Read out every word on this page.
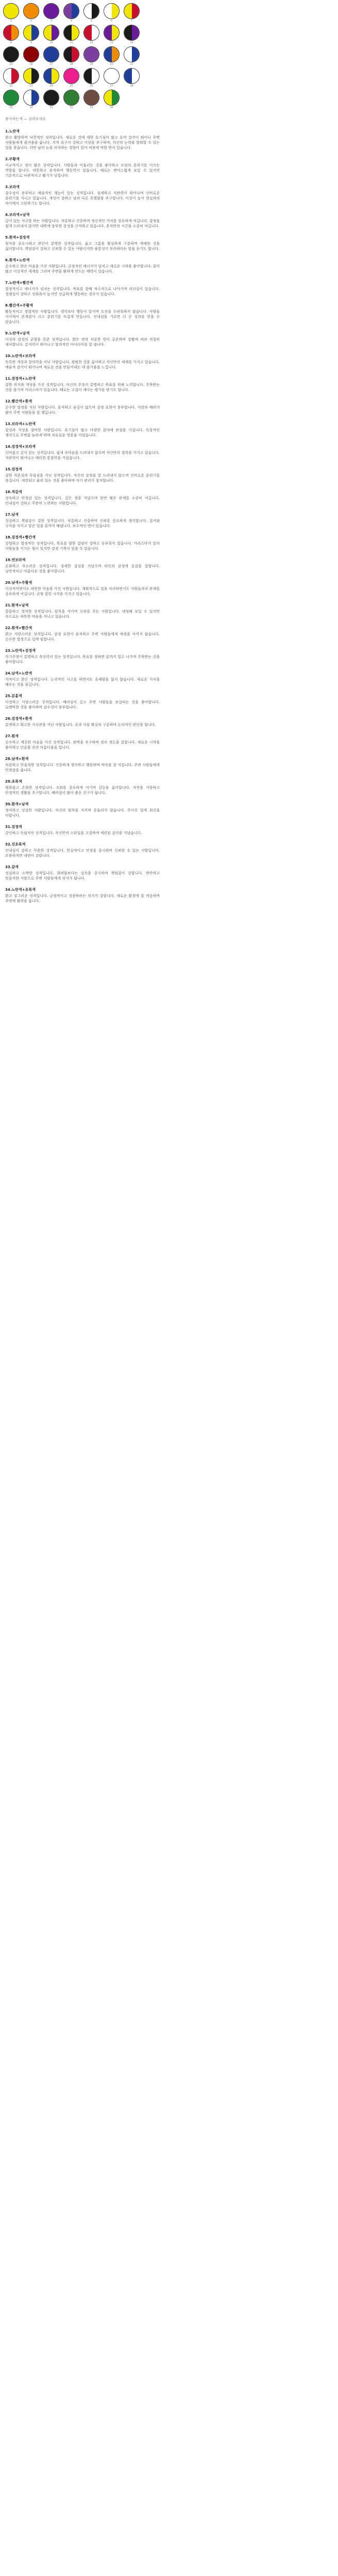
1	2	3	4	5	6	7
8	9	10	11	12	13	14
15	16	17	18	19	20	21
22	23	24	25	26	27	28
29	30	31	32	33	34
좋아하는색 — 골라보세요
1.노란색
밝고 활발하며 낙천적인 성격입니다. 새로운 것에 대한 호기심이 많고 유머 감각이 뛰어나 주변 사람들에게 즐거움을 줍니다. 지적 욕구가 강하고 이상을 추구하며, 자신의 능력을 발휘할 수 있는 일을 찾습니다. 다만 남의 눈을 의식하는 경향이 있어 비판에 약한 면이 있습니다.
2.주황색
사교적이고 정이 많은 성격입니다. 사람들과 어울리는 것을 좋아하고 모임의 분위기를 이끄는 역할을 합니다. 따뜻하고 솔직하며 행동력이 있습니다. 때로는 변덕스럽게 보일 수 있지만 기본적으로 낙관적이고 활기가 넘칩니다.
3.보라색
감수성이 풍부하고 예술적인 재능이 있는 성격입니다. 섬세하고 직관력이 뛰어나며 신비로운 분위기를 지니고 있습니다. 개성이 강하고 남과 다른 특별함을 추구합니다. 이상이 높아 현실과의 차이에서 고민하기도 합니다.
4.보라색+남색
깊이 있는 사고를 하는 사람입니다. 차분하고 신중하며 정신적인 가치를 중요하게 여깁니다. 감정을 쉽게 드러내지 않지만 내면에 풍부한 감성을 간직하고 있습니다. 혼자만의 시간을 소중히 여깁니다.
5.흰색+검정색
원칙을 중요시하고 판단이 분명한 성격입니다. 옳고 그름을 확실하게 구분하며 애매한 것을 싫어합니다. 책임감이 강하고 신뢰할 수 있는 사람이지만 융통성이 부족하다는 말을 듣기도 합니다.
6.흰색+노란색
순수하고 밝은 마음을 가진 사람입니다. 긍정적인 에너지가 넘치고 새로운 시작을 좋아합니다. 꿈이 많고 이상적인 세계를 그리며 주변을 환하게 만드는 매력이 있습니다.
7.노란색+빨간색
열정적이고 에너지가 넘치는 성격입니다. 목표를 향해 적극적으로 나아가며 리더십이 있습니다. 경쟁심이 강하고 성취욕이 높지만 성급하게 행동하는 경우가 있습니다.
8.빨간색+주황색
활동적이고 정열적인 사람입니다. 생각보다 행동이 앞서며 도전을 두려워하지 않습니다. 사람들 사이에서 존재감이 크고 분위기를 뜨겁게 만듭니다. 인내심을 기르면 더 큰 성과를 얻을 수 있습니다.
9.노란색+남색
이성과 감성의 균형을 갖춘 성격입니다. 밝은 면과 차분한 면이 공존하며 상황에 따라 적절히 대처합니다. 분석력이 뛰어나고 창의적인 아이디어를 잘 냅니다.
10.노란색+보라색
독특한 개성과 창의력을 지닌 사람입니다. 평범한 것을 싫어하고 자신만의 세계를 가지고 있습니다. 예술적 감각이 뛰어나며 새로운 것을 만들어내는 데 즐거움을 느낍니다.
11.검정색+노란색
강한 의지와 개성을 가진 성격입니다. 자신의 주장이 분명하고 목표를 위해 노력합니다. 주목받는 것을 즐기며 카리스마가 있습니다. 때로는 고집이 세다는 평가를 받기도 합니다.
12.빨간색+흰색
순수한 열정을 지닌 사람입니다. 솔직하고 숨김이 없으며 감정 표현이 풍부합니다. 사랑과 배려가 많아 주변 사람들을 잘 챙깁니다.
13.보라색+노란색
감성과 지성을 겸비한 사람입니다. 호기심이 많고 다양한 분야에 관심을 가집니다. 독창적인 생각으로 주변을 놀라게 하며 자유로운 영혼을 지녔습니다.
14.검정색+보라색
신비롭고 깊이 있는 성격입니다. 쉽게 속마음을 드러내지 않으며 자신만의 철학을 가지고 있습니다. 직관력이 뛰어나고 예리한 통찰력을 지녔습니다.
15.검정색
강한 자존심과 독립심을 지닌 성격입니다. 자신의 감정을 잘 드러내지 않으며 신비로운 분위기를 풍깁니다. 세련되고 품위 있는 것을 좋아하며 자기 관리가 철저합니다.
16.적갈색
성숙하고 안정감 있는 성격입니다. 깊은 정을 지녔으며 한번 맺은 관계를 소중히 여깁니다. 인내심이 강하고 꾸준히 노력하는 사람입니다.
17.남색
성실하고 책임감이 강한 성격입니다. 차분하고 신중하며 신뢰를 중요하게 생각합니다. 질서와 규칙을 지키고 맡은 일을 끝까지 해냅니다. 보수적인 면이 있습니다.
18.검정색+빨간색
강렬하고 열정적인 성격입니다. 목표를 향한 집념이 강하고 승부욕이 있습니다. 카리스마가 있어 사람들을 이끄는 힘이 있지만 감정 기복이 있을 수 있습니다.
19.연보라색
온화하고 부드러운 성격입니다. 섬세한 감성을 지녔으며 타인의 감정에 공감을 잘합니다. 낭만적이고 아름다운 것을 좋아합니다.
20.남색+주황색
이성적이면서도 따뜻한 마음을 가진 사람입니다. 계획적으로 일을 처리하면서도 사람들과의 관계를 중요하게 여깁니다. 균형 잡힌 시각을 가지고 있습니다.
21.흰색+남색
깔끔하고 정직한 성격입니다. 원칙을 지키며 신뢰를 주는 사람입니다. 냉정해 보일 수 있지만 속으로는 따뜻한 마음을 지니고 있습니다.
22.흰색+빨간색
밝고 사랑스러운 성격입니다. 감정 표현이 솔직하고 주변 사람들에게 애정을 아끼지 않습니다. 순수한 열정으로 일에 임합니다.
23.노란색+검정색
자기주장이 분명하고 추진력이 있는 성격입니다. 목표를 정하면 끝까지 밀고 나가며 주목받는 것을 좋아합니다.
24.남색+노란색
지적이고 밝은 성격입니다. 논리적인 사고를 하면서도 유쾌함을 잃지 않습니다. 새로운 지식을 배우는 것을 즐깁니다.
25.분홍색
다정하고 사랑스러운 성격입니다. 배려심이 깊고 주변 사람들을 보살피는 것을 좋아합니다. 로맨틱한 것을 좋아하며 감수성이 풍부합니다.
26.검정색+흰색
분명하고 확고한 가치관을 지닌 사람입니다. 공과 사를 확실히 구분하며 논리적인 판단을 합니다.
27.흰색
순수하고 깨끗한 마음을 가진 성격입니다. 완벽을 추구하며 정리 정돈을 잘합니다. 새로운 시작을 좋아하고 단순함 속의 아름다움을 압니다.
28.남색+흰색
차분하고 믿음직한 성격입니다. 신중하게 생각하고 행동하며 약속을 잘 지킵니다. 주변 사람들에게 안정감을 줍니다.
29.초록색
평화롭고 온화한 성격입니다. 조화를 중요하게 여기며 갈등을 싫어합니다. 자연을 사랑하고 안정적인 생활을 추구합니다. 배려심이 많아 좋은 친구가 됩니다.
30.흰색+남색
정직하고 성실한 사람입니다. 자신의 원칙을 지키며 흔들리지 않습니다. 주어진 일에 최선을 다합니다.
31.검정색
강인하고 독립적인 성격입니다. 자신만의 스타일을 고집하며 세련된 감각을 지녔습니다.
32.진초록색
인내심이 강하고 꾸준한 성격입니다. 현실적이고 안정을 중시하며 신뢰할 수 있는 사람입니다. 조용하지만 내면이 강합니다.
33.갈색
성실하고 소박한 성격입니다. 화려함보다는 실속을 중시하며 책임감이 강합니다. 편안하고 믿음직한 사람으로 주변 사람들에게 의지가 됩니다.
34.노란색+초록색
밝고 싱그러운 성격입니다. 긍정적이고 성장하려는 의지가 강합니다. 새로운 환경에 잘 적응하며 주변에 활력을 줍니다.
